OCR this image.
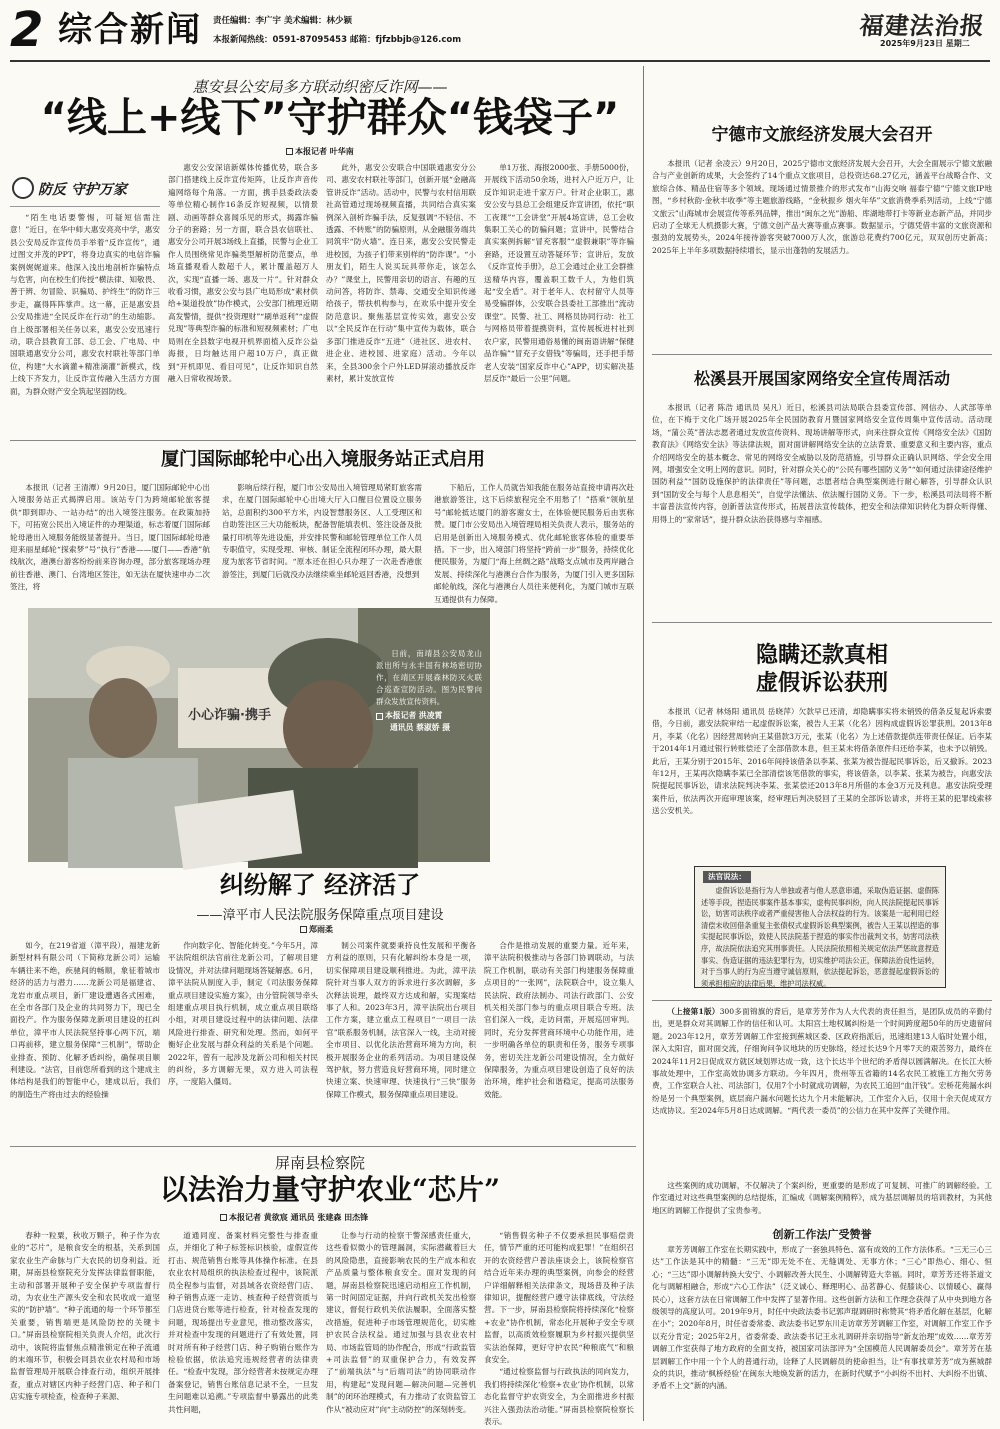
2 综合新闻 责任编辑：李广宇 美术编辑：林少颖
本报新闻热线：0591-87095453 邮箱：fjfzbbjb@126.com	福建法治报
2025年9月23日 星期二
惠安县公安局多方联动织密反诈网——
“线上+线下”守护群众“钱袋子”
本报记者 叶华南
防反 守护万家

“陌生电话要警惕，可疑短信需注意！”近日，在华中师大惠安亮亮中学，惠安县公安局反诈宣传员手举着“反诈宣传”，通过图文并茂的PPT，将身边真实的电信诈骗案例娓娓道来。他深入浅出地剖析诈骗特点与危害，向在校生们传授“横法律、知敬畏、善于辨、勿冒险、识骗局、护终生”的防诈三步走，赢得阵阵掌声。这一幕，正是惠安县公安局推进“全民反诈在行动”的生动缩影。自上级部署相关任务以来，惠安公安迅速行动，联合县教育工部、总工会、广电局、中国联通惠安分公司，惠安农村联社等部门单位，构建“大水滴灌+精准滴灌”新模式，线上线下齐发力，让反诈宣传融入生活方方面面，为群众财产安全筑起坚固防线。

惠安公安深谙新媒体传播优势，联合多部门搭建线上反诈宣传矩阵，让反诈声音传遍网络每个角落。一方面，携手县委政法委等单位精心制作16条反诈短视频，以情景剧、动画等群众喜闻乐见的形式，揭露诈骗分子的套路；另一方面，联合县农信联社、惠安分公司开展3场线上直播，民警与企业工作人员围绕常见诈骗类型解析防范要点，单场直播观看人数超千人，累计覆盖超万人次，实现“直播一场、惠及一片”。针对群众收看习惯，惠安公安与县广电局形成“素材供给+渠道投放”协作模式，公安部门梳理近期高发警情，提供“投资理财”“刷单返利”“虚假兑现”等典型诈骗的标准和短视频素材；广电局则在全县数字电视开机界面植入反诈公益海报，日均触达用户超10万户，真正做到“开机即见、看目可见”，让反诈知识自然融入日常收视场景。

此外，惠安公安联合中国联通惠安分公司、惠安农村联社等部门，创新开展“金融高管讲反诈”活动。活动中，民警与农村信用联社高管通过现场视频直播，共同结合真实案例深入剖析诈骗手法，反复强调“不轻信、不透露、不转账”的防骗原则，从金融服务端共同筑牢“防火墙”。连日来，惠安公安民警走进校园，为孩子们带来别样的“防诈课”。“小朋友们，陌生人说买玩具带你走，该怎么办？”课堂上，民警用亲切的语言、有趣的互动问答，将防诈、禁毒、交通安全知识传递给孩子，帮扶机构参与，在欢乐中提升安全防范意识。聚焦基层宣传实效，惠安公安以“全民反诈在行动”集中宣传为载体，联合多部门推进反诈“五进”（进社区、进农村、进企业、进校园、进家庭）活动。今年以来，全县300余个户外LED屏滚动播放反诈素材，累计发放宣传

单1万张、海报2000张、手册5000份，开展线下活动50余场，进村入户近万户，让反诈知识走进千家万户。针对企业职工，惠安公安与县总工会组建反诈宣讲团，依托“职工夜课”“工会讲堂”开展4场宣讲，总工会收集职工关心的防骗问题；宣讲中，民警结合真实案例拆解“冒充客服”“虚假兼职”等诈骗套路，还设置互动答疑环节；宣讲后，发放《反诈宣传手册》，总工会通过企业工会群推送精华内容，覆盖职工数千人，为他们筑起“安全盾”。对于老年人、农村留守人员等易受骗群体，公安联合县委社工部推出“流动课堂”。民警、社工、网格员协同行动：社工与网格员带着提携资料，宣传展板进村社到农户家，民警用通俗易懂的闽南语讲解“保健品诈骗”“冒充子女借钱”等骗局，还手把手帮老人安装“国家反诈中心”APP，切实解决基层反诈“最后一公里”问题。

厦门国际邮轮中心出入境服务站正式启用

本报讯（记者 王清潭）9月20日，厦门国际邮轮中心出入境服务站正式揭牌启用。该站专门为跨境邮轮旅客提供“即到即办、一站办结”的出入境签注服务。在政策加持下，可拓宽公民出入境证件的办理渠道，标志着厦门国际邮轮母港出入境服务能级显著提升。当日，厦门国际邮轮母港迎来丽星邮轮“探索梦”号“执行”香港——厦门——香港”航线航次，港澳台游客纷纷前来咨询办理，部分旅客现场办理前往香港、澳门、台湾地区签注，如无法在厦快速申办二次签注，将

影响后续行程，厦门市公安局出入境管理局紧盯旅客需求，在厦门国际邮轮中心出境大厅入口醒目位置设立服务站，总面积约300平方米，内设智慧服务区、人工受理区和自助签注区三大功能板块，配备智能填表机、签注设备及批量打印机等先进设施，并安排民警和邮轮管理单位工作人员专职值守，实现受理、审核、制证全流程闭环办理，最大限度为旅客节省时间。“原本还在担心只办理了一次赴香港旅游签注，到厦门后就没办法继续乘坐邮轮返回香港，没想到

下船后，工作人员就告知我能在服务站直接申请再次赴港旅游签注，这下后续旅程完全不用愁了！”搭乘“领航星号”邮轮抵达厦门的游客谢女士，在体验便民服务后由衷称赞。厦门市公安局出入境管理局相关负责人表示，服务站的启用是创新出入境服务模式、优化邮轮旅客体验的重要举措。下一步，出入境部门将坚持“跨前一步”服务，持续优化便民服务，为厦门“海上丝绸之路”战略支点城市及两岸融合发展、持续深化与港澳台合作为服务，为厦门引入更多国际邮轮航线，深化与港澳台人员往来便利化，为厦门城市互联互通提供有力保障。

小心诈骗·携手
日前，南靖县公安局龙山派出所与永丰国有林场密切协作，在靖区开展森林防灭火联合巡查宣防活动。图为民警向群众发放宣传资料。
本报记者 洪凌霄
通讯员 蔡淑娇 摄
纠纷解了 经济活了
——漳平市人民法院服务保障重点项目建设
郑雨柔

如今，在219省道（漳平段），福建龙新新型材料有限公司（下简称龙新公司）运输车辆往来不绝，疾驰间的畅顺，象征着城市经济的活力与潜力……龙新公司是福建省、龙岩市重点项目，新厂建设遭遇各式困难，在全市各部门及企业的共同努力下，现已全面投产。作为服务保障龙新项目建设的扛纠单位，漳平市人民法院坚持事心两下沉，端口再前移，建立服务保障“三机制”，帮助企业排查、预防、化解矛盾纠纷，确保项目顺利建设。“法官，目前您所看到的这个建成主体结构是我们的智能中心，建成以后，我们的制造生产将由过去的经验操

作向数字化、智能化转变。”今年5月，漳平法院组织法官前往龙新公司，了解项目建设情况，并对法律问题现场答疑解惑。6月，漳平法院从制度入手，制定《司法服务保障重点项目建设实施方案》，由分管院领导牵头组建重点项目执行机制，成立重点项目联络小组，对项目建设过程中的法律问题、法律风险进行排查、研究和处理。然而，如何平衡好企业发展与群众利益的关系是个问题。2022年，曾有一起涉及龙新公司和相关村民的纠纷，多方调解无果，双方进入司法程序，一度陷入僵局。

制公司案件就要秉持良性发展和平衡各方利益的原则，只有化解纠纷本身是一项，切实保障项目建设顺利推进。为此，漳平法院针对当事人双方的诉求进行多次调解，多次释法说理，最终双方达成和解，实现案结事了人和。2023年3月，漳平法院出台项目工作方案，建立重点工程项目“一项目一法官”联系服务机制，法官深入一线，主动对接全市项目、以优化法治营商环境为方向，积极开展服务企业的系列活动。为项目建设保驾护航，努力营造良好营商环境，同时建立快速立案、快速审理、快速执行“三快”服务保障工作模式，服务保障重点项目建设。

合作是推动发展的重要力量。近年来，漳平法院积极推动与各部门协调联动，与法院工作机制，联动有关部门构建服务保障重点项目的“一张网”，法院联合中，设立集人民法院、政府法制办、司法行政部门、公安机关相关部门参与的重点项目联合专班。法官们深入一线，走访问需，开展巡回审判。同时，充分发挥营商环境中心功能作用，进一步明确各单位的职责和任务，服务专项事务，密切关注龙新公司建设情况，全力做好保障服务，为重点项目建设创造了良好的法治环境，维护社会和谐稳定，提高司法服务效能。

屏南县检察院
以法治力量守护农业“芯片”
本报记者 黄欲宸 通讯员 张建森 田杰锋

春种一粒粟，秋收万颗子，种子作为农业的“芯片”，是粮食安全的根基，关系到国家农业生产命脉与广大农民的切身利益。近期，屏南县检察院充分发挥法律监督职能，主动和部署开展种子安全保护专项监督行动，为农业生产源头安全和农民收成一道坚实的“防护墙”。“种子流通的每一个环节都至关重要，销售端更是风险防控的关键卡口。”屏南县检察院相关负责人介绍，此次行动中，该院将监督焦点精准锁定在种子流通的末端环节，积极会同县农业农村局和市场监督管理局开展联合排查行动，组织开展排查，重点对辖区内种子经营门店、种子和门店实施专项检查，检查种子来源、

道通同度、备案材料完整性与排查重点，并细化了种子标签标识核验，虚假宣传打击、规范销售台账等具体操作标准。在县农业农村局组织的执法检查过程中，该院派员全程参与监督，对县域各农资经营门店、种子销售点逐一走访、核查种子经营资质与门店进货台账等进行检查，针对检查发现的问题，现场提出专业意见，推动整改落实，并对检查中发现的问题进行了有效处置，同时对所有种子经营门店、种子购销台账作为检验依据，依法追究违规经营者的法律责任。“检查中发现，部分经营者未按规定办理备案登记，销售台账信息记录不全，一旦发生问题难以追溯。”专项监督中暴露出的此类共性问题，

让参与行动的检察干警深感责任重大，这些看似微小的管理漏洞，实际潜藏着巨大的风险隐患，直接影响农民的生产成本和农产品质量与整体粮食安全。面对发现的问题，屏南县检察院迅速启动相应工作机制，第一时间固定证据，并向行政机关发出检察建议，督促行政机关依法履职，全面落实整改措施，促进种子市场管理规范化，切实维护农民合法权益。通过加强与县农业农村局、市场监管局的协作配合，形成“行政监管+司法监督”的双重保护合力，有效发挥了“前端执法”与“后端司法”的协同联动作用，构建起“发现问题—解决问题—完善机制”的闭环治理模式，有力推动了农资监管工作从“被动应对”向“主动防控”的深刻转变。

“销售假劣种子不仅要承担民事赔偿责任，情节严重的还可能构成犯罪！”在组织召开的农资经营户普法座谈会上，该院检察官结合近年来办理的典型案例，向参会的经营户详细解释相关法律条文，现场普及种子法律知识，提醒经营户遵守法律底线，守法经营。下一步，屏南县检察院将持续深化“检察+农业”协作机制，常态化开展种子安全专项监督，以高质效检察履职为乡村振兴提供坚实法治保障，更好守护农民“种粮底气”和粮食安全。

“通过检察监督与行政执法的同向发力，我们将持续深化‘检察+农业’协作机制，以常态化监督守护农资安全，为全面推进乡村振兴注入强劲法治动能。”屏南县检察院检察长表示。

宁德市文旅经济发展大会召开

本报讯（记者 余凌云）9月20日，2025宁德市文旅经济发展大会召开，大会全面展示宁德文旅融合与产业创新的成果，大会签约了14个重点文旅项目，总投资达68.27亿元，涵盖平台战略合作、文旅综合体、精品住宿等多个领域。现场通过情景推介的形式发布“山海交响 福泰宁德”宁德文旅IP地图，“乡村秋韵·金秋丰收季”等主题旅游线路，“金秋振乡 烟火年华”文旅消费季系列活动，上线“宁德文旅云”山海城市会展宣传等系列品牌，推出“闽东之光”游船、库湖地带打卡等新业态新产品，并同步启动了全球无人机摄影大赛，宁德文创产品大赛等重点赛事。数据显示，宁德凭借丰富的文旅资源和强劲的发展势头，2024年接待游客突破7000万人次，旅游总花费约700亿元，双双创历史新高；2025年上半年多项数据持续增长，显示出蓬勃的发展活力。

松溪县开展国家网络安全宣传周活动

本报讯（记者 陈浩 通讯员 吴凡）近日，松溪县司法局联合县委宣传部、网信办、人武部等单位，在下梅于文化广场开展2025年全民国防教育月暨国家网络安全宣传周集中宣传活动。活动现场，“蒲公英”普法志愿者通过发放宣传资料、现场讲解等形式，向来往群众宣传《网络安全法》《国防教育法》《网络安全法》等法律法规，面对面讲解网络安全法的立法背景、重要意义和主要内容，重点介绍网络安全的基本概念、常见的网络安全威胁以及防范措施，引导群众正确认识网络、学会安全用网，增强安全文明上网的意识。同时，针对群众关心的“公民有哪些国防义务”“如何通过法律途径维护国防利益”“国防设施保护的法律责任”等问题，志愿者结合典型案例进行耐心解答，引导群众认识到“国防安全与每个人息息相关”，自觉学法懂法、依法履行国防义务。下一步，松溪县司法局将不断丰富普法宣传内容，创新普法宣传形式，拓展普法宣传载体，把安全和法律知识转化为群众听得懂、用得上的“家常话”，提升群众法治获得感与幸福感。

隐瞒还款真相
虚假诉讼获刑

本报讯（记者 林炀阳 通讯员 岳晓萍）欠款早已还清，却隐瞒事实将未销毁的借条反复起诉索要借，今日前，惠安法院审结一起虚假诉讼案，被告人王某（化名）因构成虚假诉讼罪获刑。2013年8月，李某（化名）因经营周转向王某借款3万元，张某（化名）为上述借款提供连带责任保证。后李某于2014年1月通过银行转账偿还了全部借款本息，但王某未将借条原件归还给李某，也未予以销毁。此后，王某分别于2015年、2016年间持该借条以李某、张某为被告提起民事诉讼，后又撤诉。2023年12月，王某再次隐瞒李某已全部清偿该笔借款的事实，将该借条，以李某、张某为被告，向惠安法院提起民事诉讼，请求法院判决李某、张某偿还2013年8月所借的本金3万元及利息。惠安法院受理案件后，依法两次开庭审理该案，经审理后判决驳回了王某的全部诉讼请求，并将王某的犯罪线索移送公安机关。

法官说法：

虚假诉讼是指行为人单独或者与他人恶意串通，采取伪造证据、虚假陈述等手段，捏造民事案件基本事实，虚构民事纠纷，向人民法院提起民事诉讼，妨害司法秩序或者严重侵害他人合法权益的行为。该案是一起利用已经清偿未收回借条重复主张债权式虚假诉讼典型案例，被告人王某以捏造的事实提起民事诉讼，致使人民法院基于捏造的事实作出裁判文书，妨害司法秩序，故法院依法追究其刑事责任。人民法院依照相关规定依法严惩故意捏造事实、伪造证据的违法犯罪行为，切实维护司法公正，保障法治良性运转，对于当事人的行为应当遵守诚信原则，依法提起诉讼，恶意提起虚假诉讼的须承担相应的法律后果，维护司法权威。

（上接第1版）300多面锦旗的背后，是章芳芳作为人大代表的责任担当，是团队成员的辛勤付出，更是群众对其调解工作的信任和认可。太阳宫土地权属纠纷是一个时间跨度超50年的历史遗留问题。2023年12月，章芳芳调解工作室接到蕉城区委、区政府指派后，迅速组建13人临时处置小组，深入太阳宫，面对面交流，仔细询问争议地块的历史脉络，经过长达9个月零7天的艰苦努力，最终在2024年11月2日促成双方就区域划界达成一致，这个长达半个世纪的矛盾得以圆满解决。在长江大桥事故处理中，工作室高效协调多方联动。今年四月，贵州等五省籍的14名农民工被施工方拖欠劳务费，工作室联合人社、司法部门，仅用7个小时就成功调解，为农民工追回“血汗钱”。宏桥花苑漏水纠纷是另一个典型案例，底层商户漏水问题长达九个月未能解决，工作室介入后，仅用十余天促成双方达成协议。至2024年5月8日达成调解。“两代表一委员”的公信力在其中发挥了关键作用。

这些案例的成功调解，不仅解决了个案纠纷，更重要的是形成了可复制、可推广的调解经验。工作室通过对这些典型案例的总结提炼，汇编成《调解案例精粹》，成为基层调解员的培训教材，为其他地区的调解工作提供了宝贵参考。

创新工作法广受赞誉

章芳芳调解工作室在长期实践中，形成了一套独具特色、富有成效的工作方法体系。“三无三心三达”工作法是其中的精髓：“三无”即无处不在、无缝调处、无事方休；“三心”即热心、细心、恒心；“三达”即小调解转换大安宁、小调解改善大民生、小调解铸造大幸福。同时，章芳芳还将茶道文化与调解相融合，形成“六心工作法”（泛义诚心、释理明心、品茗静心、促膝谈心、以情暖心、赢得民心），这套方法在日常调解工作中发挥了显著作用。这些创新方法和工作理念获得了从中央到地方各级领导的高度认可。2019年9月，时任中央政法委书记郭声琨调研时称赞其“将矛盾化解在基层，化解在小”；2020年8月，时任省委常委、政法委书记罗东川走访章芳芳调解工作室，对调解工作室工作予以充分肯定；2025年2月，省委常委、政法委书记王永礼调研并亲切指导“新友治理”成效……章芳芳调解工作室获得了地方政府的全面支持，被国家司法部评为“全国模范人民调解委员会”。章芳芳在基层调解工作中用一个个人的普通行动，诠释了人民调解员的使命担当，让“有事找章芳芳”成为蕉城群众的共识，推动‘枫桥经验’在闽东大地焕发新的活力，在新时代赋予“小纠纷不出村、大纠纷不出镇、矛盾不上交”新的内涵。
